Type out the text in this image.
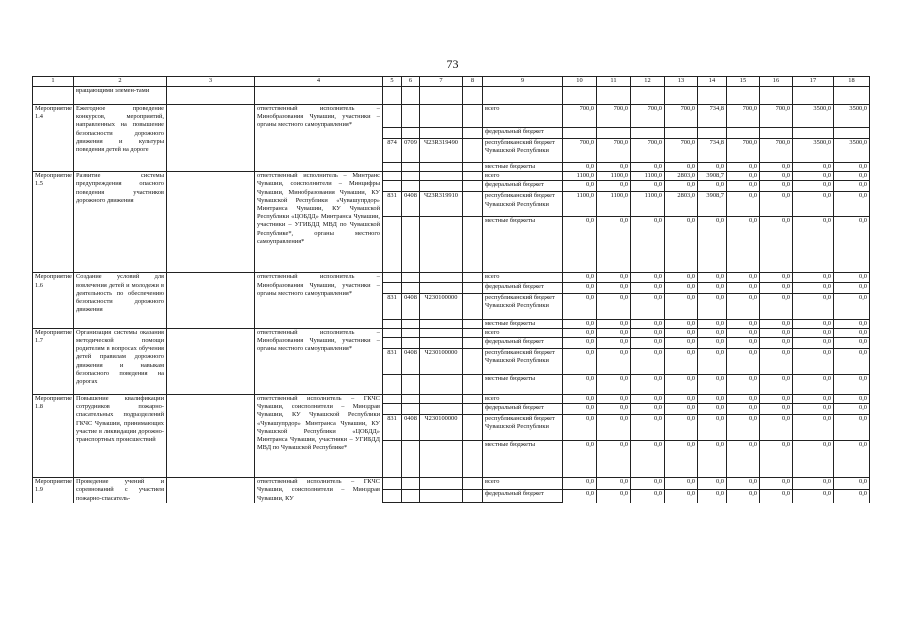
73
1	2	3	4	5	6	7	8	9	10	11	12	13	14	15	16	17	18
	вращающими элемен-тами																
Мероприятие 1.4	Ежегодное проведение конкурсов, мероприятий, направленных на повышение безопасности дорожного движения и культуры поведения детей на дороге		ответственный исполнитель – Минобразования Чувашии, участники – органы местного самоуправления*					всего	700,0	700,0	700,0	700,0	734,8	700,0	700,0	3500,0	3500,0
								федеральный бюджет									
				874	0709	Ч23R319490		республиканский бюджет Чувашской Республики	700,0	700,0	700,0	700,0	734,8	700,0	700,0	3500,0	3500,0
								местные бюджеты	0,0	0,0	0,0	0,0	0,0	0,0	0,0	0,0	0,0
Мероприятие 1.5	Развитие системы предупреждения опасного поведения участников дорожного движения		ответственный исполнитель – Минтранс Чувашии, соисполнители – Минцифры Чувашии, Минобразования Чувашии, КУ Чувашской Республики «Чувашупрдор» Минтранса Чувашии, КУ Чувашской Республики «ЦОБДД» Минтранса Чувашии, участники – УГИБДД МВД по Чувашской Республике*, органы местного самоуправления*					всего	1100,0	1100,0	1100,0	2803,0	3908,7	0,0	0,0	0,0	0,0
								федеральный бюджет	0,0	0,0	0,0	0,0	0,0	0,0	0,0	0,0	0,0
				831	0408	Ч23R319910		республиканский бюджет Чувашской Республики	1100,0	1100,0	1100,0	2803,0	3908,7	0,0	0,0	0,0	0,0
								местные бюджеты	0,0	0,0	0,0	0,0	0,0	0,0	0,0	0,0	0,0
Мероприятие 1.6	Создание условий для вовлечения детей и молодежи в деятельность по обеспечению безопасности дорожного движения		ответственный исполнитель – Минобразования Чувашии, участники – органы местного самоуправления*					всего	0,0	0,0	0,0	0,0	0,0	0,0	0,0	0,0	0,0
								федеральный бюджет	0,0	0,0	0,0	0,0	0,0	0,0	0,0	0,0	0,0
				831	0408	Ч230100000		республиканский бюджет Чувашской Республики	0,0	0,0	0,0	0,0	0,0	0,0	0,0	0,0	0,0
								местные бюджеты	0,0	0,0	0,0	0,0	0,0	0,0	0,0	0,0	0,0
Мероприятие 1.7	Организация системы оказания методической помощи родителям в вопросах обучения детей правилам дорожного движения и навыкам безопасного поведения на дорогах		ответственный исполнитель – Минобразования Чувашии, участники – органы местного самоуправления*					всего	0,0	0,0	0,0	0,0	0,0	0,0	0,0	0,0	0,0
								федеральный бюджет	0,0	0,0	0,0	0,0	0,0	0,0	0,0	0,0	0,0
				831	0408	Ч230100000		республиканский бюджет Чувашской Республики	0,0	0,0	0,0	0,0	0,0	0,0	0,0	0,0	0,0
								местные бюджеты	0,0	0,0	0,0	0,0	0,0	0,0	0,0	0,0	0,0
Мероприятие 1.8	Повышение квалификации сотрудников пожарно-спасательных подразделений ГКЧС Чувашии, принимающих участие в ликвидации дорожно-транспортных происшествий		ответственный исполнитель – ГКЧС Чувашии, соисполнители – Минздрав Чувашии, КУ Чувашской Республики «Чувашупрдор» Минтранса Чувашии, КУ Чувашской Республики «ЦОБДД» Минтранса Чувашии, участники – УГИБДД МВД по Чувашской Республике*					всего	0,0	0,0	0,0	0,0	0,0	0,0	0,0	0,0	0,0
								федеральный бюджет	0,0	0,0	0,0	0,0	0,0	0,0	0,0	0,0	0,0
				831	0408	Ч230100000		республиканский бюджет Чувашской Республики	0,0	0,0	0,0	0,0	0,0	0,0	0,0	0,0	0,0
								местные бюджеты	0,0	0,0	0,0	0,0	0,0	0,0	0,0	0,0	0,0
Мероприятие 1.9	Проведение учений и соревнований с участием пожарно-спасатель-		ответственный исполнитель – ГКЧС Чувашии, соисполнители – Минздрав Чувашии, КУ					всего	0,0	0,0	0,0	0,0	0,0	0,0	0,0	0,0	0,0
								федеральный бюджет	0,0	0,0	0,0	0,0	0,0	0,0	0,0	0,0	0,0
